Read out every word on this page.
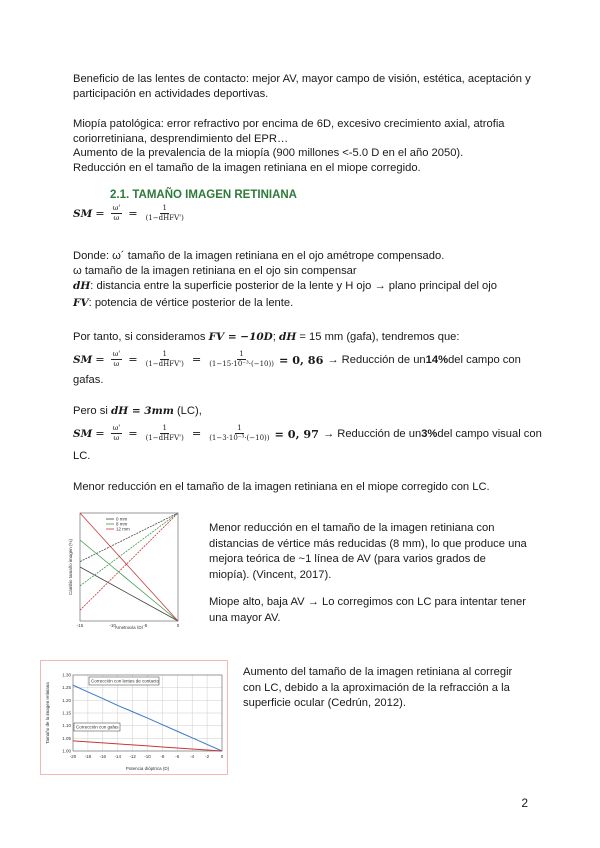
Beneficio de las lentes de contacto: mejor AV, mayor campo de visión, estética, aceptación y participación en actividades deportivas.
Miopía patológica: error refractivo por encima de 6D, excesivo crecimiento axial, atrofia coriorretiniana, desprendimiento del EPR…
Aumento de la prevalencia de la miopía (900 millones <-5.0 D en el año 2050).
Reducción en el tamaño de la imagen retiniana en el miope corregido.
2.1. TAMAÑO IMAGEN RETINIANA
SM = $\frac{\omega'}{\omega} = \frac{1}{\text{(1−dHFV')}}$
Donde: ω´ tamaño de la imagen retiniana en el ojo amétrope compensado.
ω tamaño de la imagen retiniana en el ojo sin compensar
dH: distancia entre la superficie posterior de la lente y H ojo → plano principal del ojo
FV: potencia de vértice posterior de la lente.
Por tanto, si consideramos FV = −10D; dH = 15 mm (gafa), tendremos que:
SM = $\frac{\omega'}{\omega} = \frac{1}{\text{(1−dHFV')}} = \frac{1}{\text{(1−15·10⁻³·(−10))}} = 0$, 86 → Reducción de un 14% del campo con
gafas.
Pero si dH = 3mm (LC),
SM = $\frac{\omega'}{\omega} = \frac{1}{\text{(1−dHFV')}} = \frac{1}{\text{(1−3·10⁻³·(−10))}} = 0$, 97 → Reducción de un 3% del campo visual con
LC.
Menor reducción en el tamaño de la imagen retiniana en el miope corregido con LC.
0 mm
8 mm
12 mm
-15	-10	-5	0
Ametropía (D)
Cambio tamaño imagen (%)
Menor reducción en el tamaño de la imagen retiniana con distancias de vértice más reducidas (8 mm), lo que produce una mejora teórica de ~1 línea de AV (para varios grados de miopía). (Vincent, 2017).
Miope alto, baja AV → Lo corregimos con LC para intentar tener una mayor AV.
1.30
1.25
1.20
1.15
1.10
1.05
1.00
-20 -18 -16 -14 -12 -10 -8 -6 -4 -2	0
Corrección con lentes de contacto
Corrección con gafas
Potencia dióptrica (D)
Tamaño de la imagen retiniana
Aumento del tamaño de la imagen retiniana al corregir con LC, debido a la aproximación de la refracción a la superficie ocular (Cedrún, 2012).
2
